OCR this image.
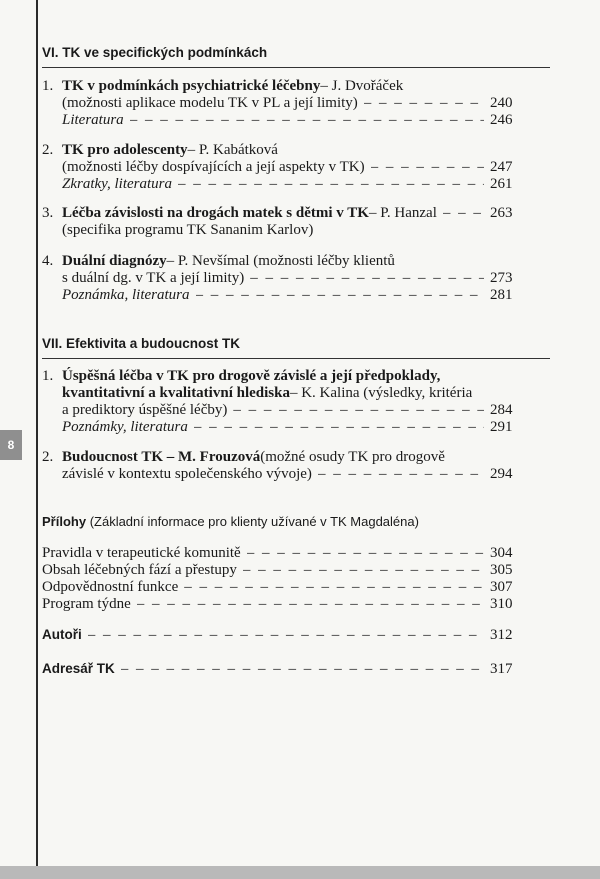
8
VI. TK ve specifických podmínkách
1. TK v podmínkách psychiatrické léčebny – J. Dvořáček
(možnosti aplikace modelu TK v PL a její limity) – – –	240
Literatura – – –	246
2. TK pro adolescenty – P. Kabátková
(možnosti léčby dospívajících a její aspekty v TK) – – –	247
Zkratky, literatura – – –	261
3. Léčba závislosti na drogách matek s dětmi v TK – P. Hanzal – – –	263
(specifika programu TK Sananim Karlov)
4. Duální diagnózy – P. Nevšímal (možnosti léčby klientů
s duální dg. v TK a její limity) – – –	273
Poznámka, literatura – – –	281
VII. Efektivita a budoucnost TK
1. Úspěšná léčba v TK pro drogově závislé a její předpoklady,
kvantitativní a kvalitativní hlediska – K. Kalina (výsledky, kritéria
a prediktory úspěšné léčby) – – –	284
Poznámky, literatura – – –	291
2. Budoucnost TK – M. Frouzová (možné osudy TK pro drogově
závislé v kontextu společenského vývoje) – – –	294
Přílohy (Základní informace pro klienty užívané v TK Magdaléna)
Pravidla v terapeutické komunitě – – –	304
Obsah léčebných fází a přestupy – – –	305
Odpovědnostní funkce – – –	307
Program týdne – – –	310
Autoři – – –	312
Adresář TK – – –	317
